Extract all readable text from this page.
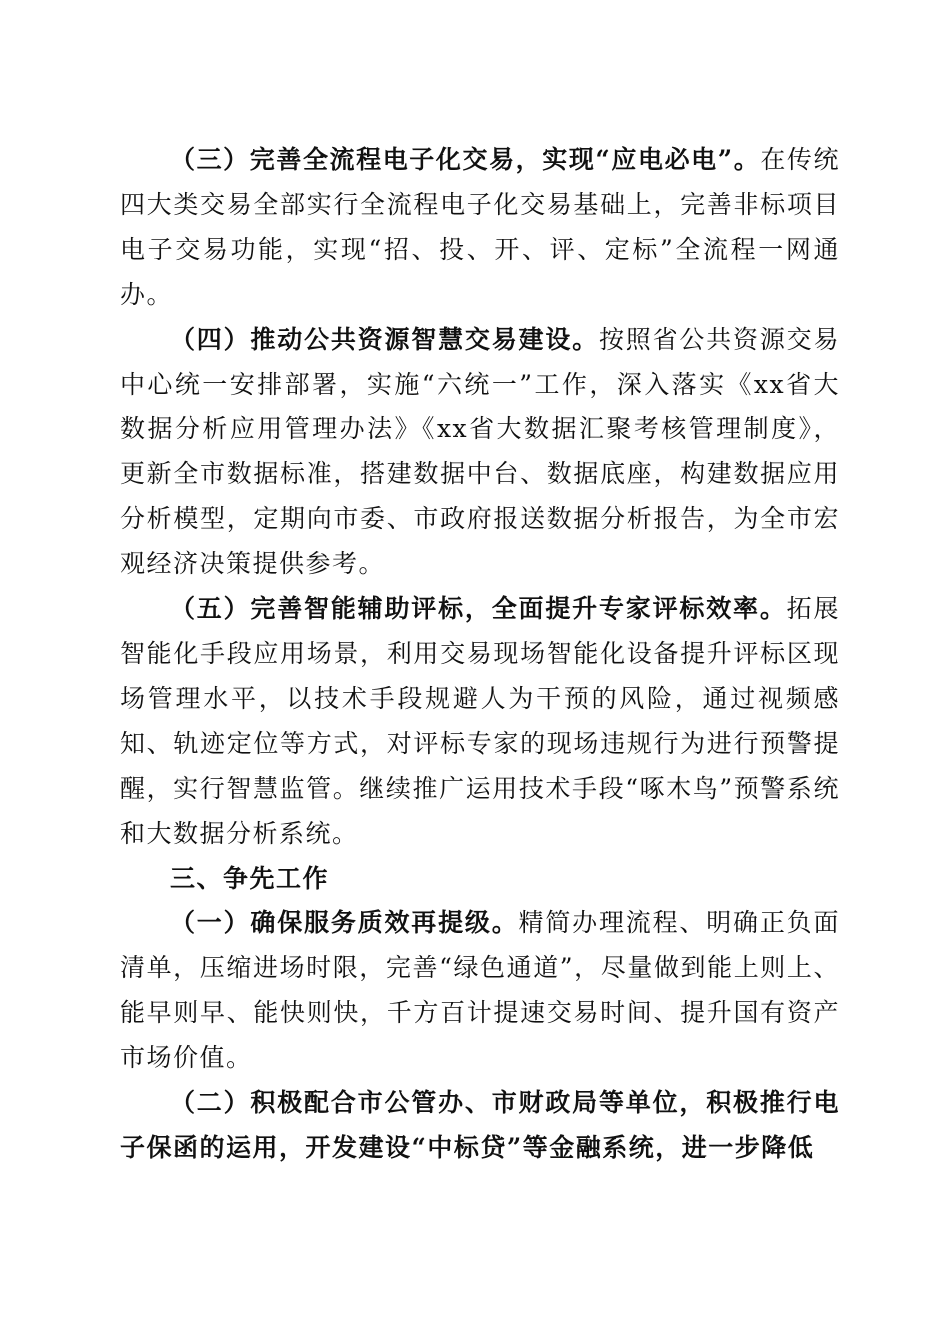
（三）完善全流程电子化交易，实现“应电必电”。在传统四大类交易全部实行全流程电子化交易基础上，完善非标项目电子交易功能，实现“招、投、开、评、定标”全流程一网通办。

（四）推动公共资源智慧交易建设。按照省公共资源交易中心统一安排部署，实施“六统一”工作，深入落实《xx省大数据分析应用管理办法》《xx省大数据汇聚考核管理制度》，更新全市数据标准，搭建数据中台、数据底座，构建数据应用分析模型，定期向市委、市政府报送数据分析报告，为全市宏观经济决策提供参考。

（五）完善智能辅助评标，全面提升专家评标效率。拓展智能化手段应用场景，利用交易现场智能化设备提升评标区现场管理水平，以技术手段规避人为干预的风险，通过视频感知、轨迹定位等方式，对评标专家的现场违规行为进行预警提醒，实行智慧监管。继续推广运用技术手段“啄木鸟”预警系统和大数据分析系统。

三、争先工作

（一）确保服务质效再提级。精简办理流程、明确正负面清单，压缩进场时限，完善“绿色通道”，尽量做到能上则上、能早则早、能快则快，千方百计提速交易时间、提升国有资产市场价值。

（二）积极配合市公管办、市财政局等单位，积极推行电子保函的运用，开发建设“中标贷”等金融系统，进一步降低
